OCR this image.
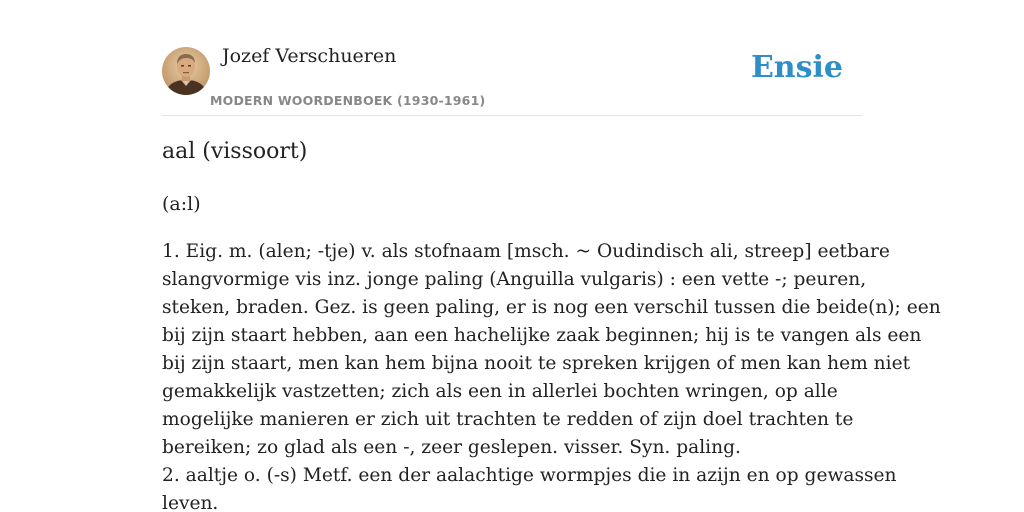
Jozef Verschueren
MODERN WOORDENBOEK (1930-1961)
Ensie
aal (vissoort)

(a:l)

1. Eig. m. (alen; -tje) v. als stofnaam [msch. ~ Oudindisch ali, streep] eetbare
slangvormige vis inz. jonge paling (Anguilla vulgaris) : een vette -; peuren,
steken, braden. Gez. is geen paling, er is nog een verschil tussen die beide(n); een
bij zijn staart hebben, aan een hachelijke zaak beginnen; hij is te vangen als een
bij zijn staart, men kan hem bijna nooit te spreken krijgen of men kan hem niet
gemakkelijk vastzetten; zich als een in allerlei bochten wringen, op alle
mogelijke manieren er zich uit trachten te redden of zijn doel trachten te
bereiken; zo glad als een -, zeer geslepen. visser. Syn. paling.
2. aaltje o. (-s) Metf. een der aalachtige wormpjes die in azijn en op gewassen
leven.
